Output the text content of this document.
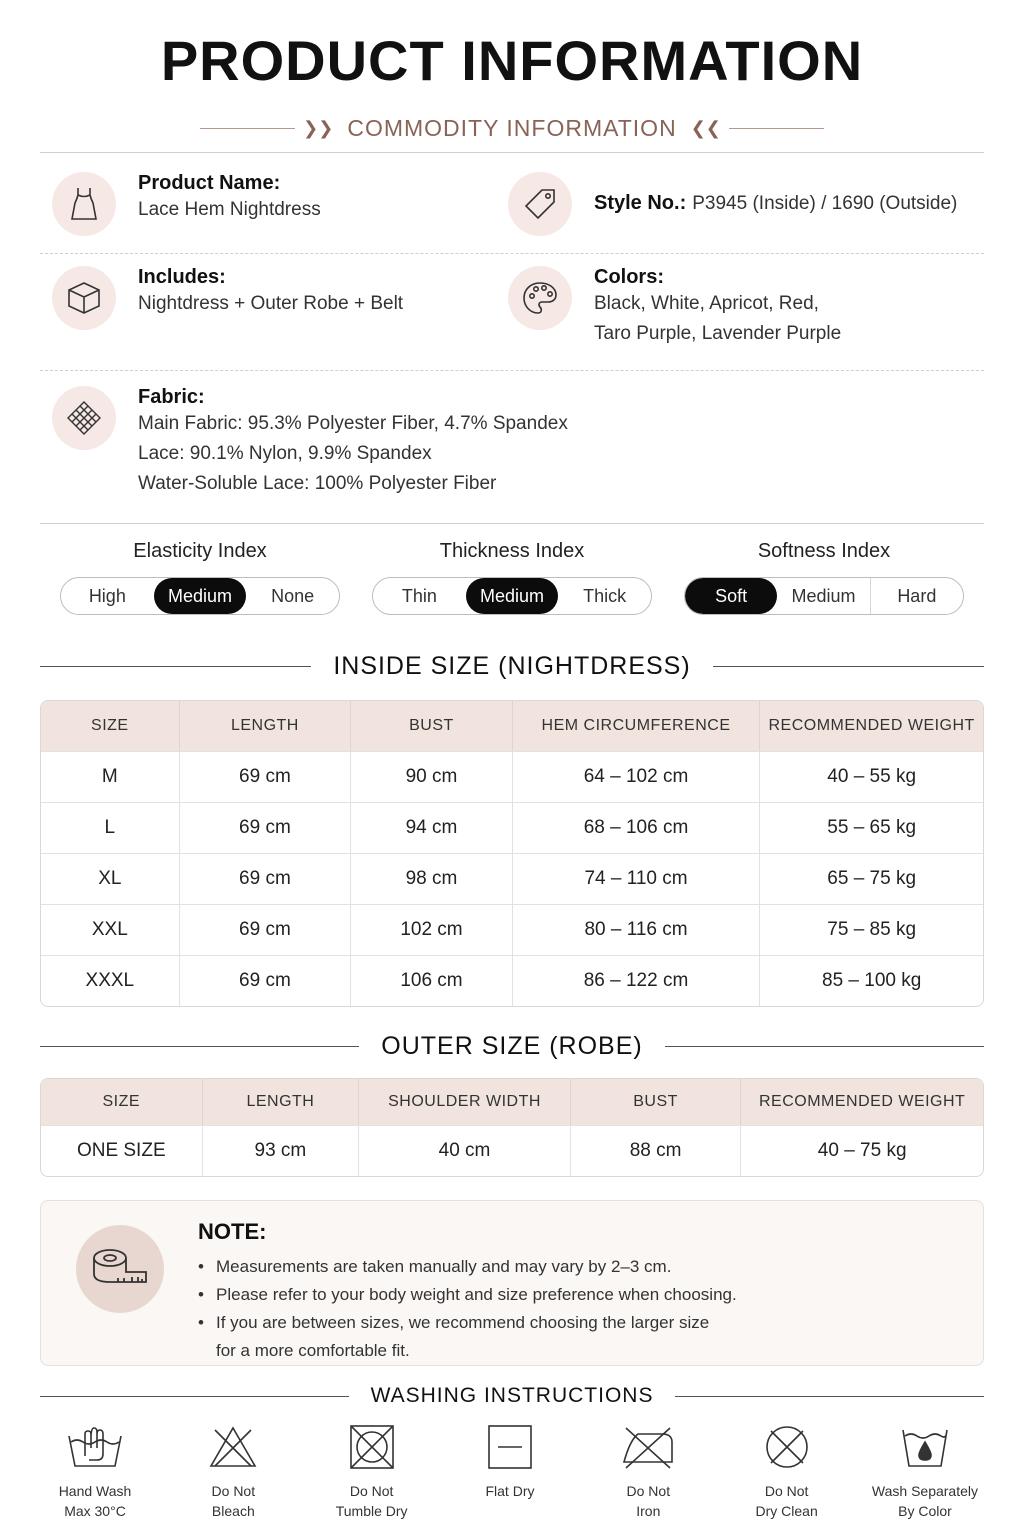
PRODUCT INFORMATION
❯❯ COMMODITY INFORMATION ❮❮
Product Name:
Lace Hem Nightdress	Style No.: P3945 (Inside) / 1690 (Outside)
Includes:
Nightdress + Outer Robe + Belt
Colors:
Black, White, Apricot, Red,
Taro Purple, Lavender Purple
Fabric:
Main Fabric: 95.3% Polyester Fiber, 4.7% Spandex
Lace: 90.1% Nylon, 9.9% Spandex
Water-Soluble Lace: 100% Polyester Fiber
Elasticity Index
High	Medium	None
Thickness Index
Thin	Medium	Thick
Softness Index
Soft	Medium	Hard
INSIDE SIZE (NIGHTDRESS)
SIZE	LENGTH	BUST	HEM CIRCUMFERENCE	RECOMMENDED WEIGHT
M	69 cm	90 cm	64 – 102 cm	40 – 55 kg
L	69 cm	94 cm	68 – 106 cm	55 – 65 kg
XL	69 cm	98 cm	74 – 110 cm	65 – 75 kg
XXL	69 cm	102 cm	80 – 116 cm	75 – 85 kg
XXXL	69 cm	106 cm	86 – 122 cm	85 – 100 kg
OUTER SIZE (ROBE)
SIZE	LENGTH	SHOULDER WIDTH	BUST	RECOMMENDED WEIGHT
ONE SIZE	93 cm	40 cm	88 cm	40 – 75 kg
NOTE:
• Measurements are taken manually and may vary by 2–3 cm.
• Please refer to your body weight and size preference when choosing.
• If you are between sizes, we recommend choosing the larger size
for a more comfortable fit.
WASHING INSTRUCTIONS
Hand Wash
Max 30°C
Do Not
Bleach
Do Not
Tumble Dry
Flat Dry	Do Not
Iron
Do Not
Dry Clean
Wash Separately
By Color
